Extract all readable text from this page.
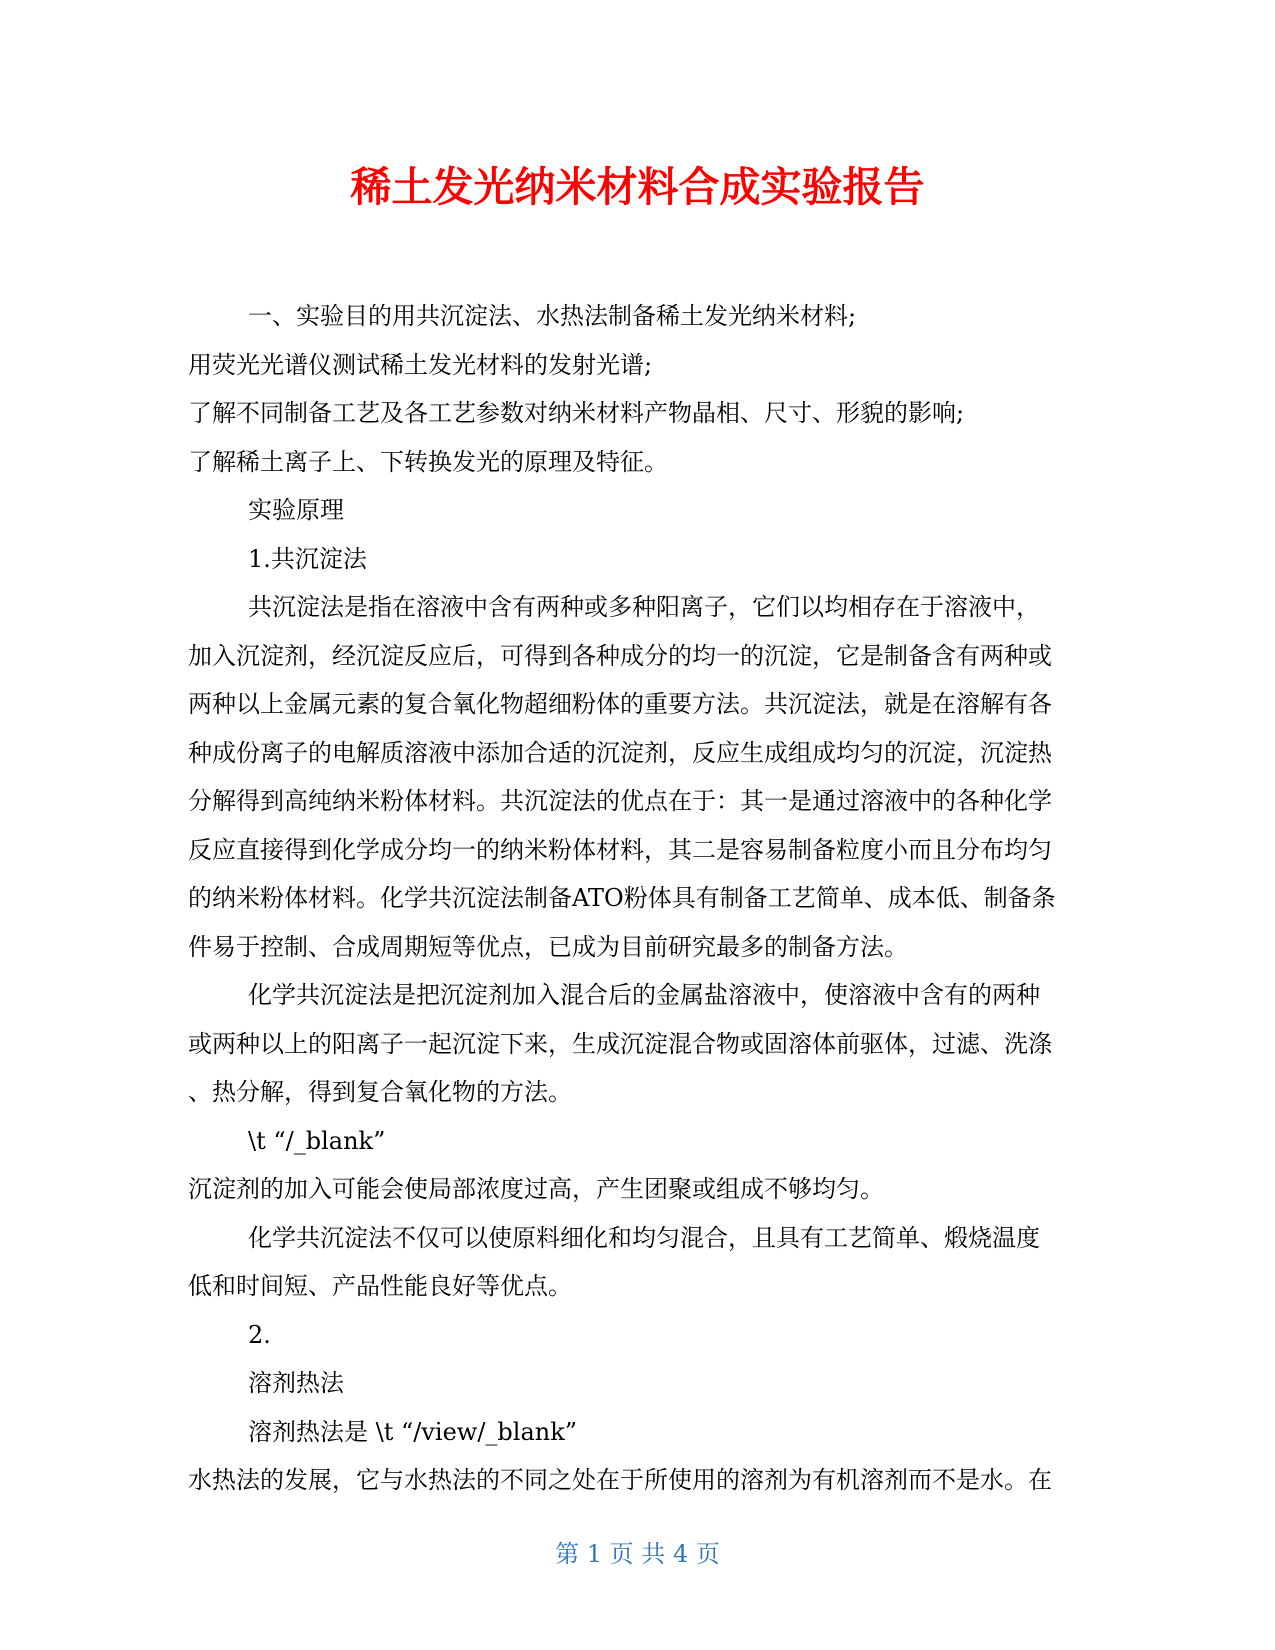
稀土发光纳米材料合成实验报告

一、实验目的用共沉淀法、水热法制备稀土发光纳米材料;

用荧光光谱仪测试稀土发光材料的发射光谱;

了解不同制备工艺及各工艺参数对纳米材料产物晶相、尺寸、形貌的影响;

了解稀土离子上、下转换发光的原理及特征。

实验原理

1.共沉淀法

共沉淀法是指在溶液中含有两种或多种阳离子，它们以均相存在于溶液中，

加入沉淀剂，经沉淀反应后，可得到各种成分的均一的沉淀，它是制备含有两种或

两种以上金属元素的复合氧化物超细粉体的重要方法。共沉淀法，就是在溶解有各

种成份离子的电解质溶液中添加合适的沉淀剂，反应生成组成均匀的沉淀，沉淀热

分解得到高纯纳米粉体材料。共沉淀法的优点在于：其一是通过溶液中的各种化学

反应直接得到化学成分均一的纳米粉体材料，其二是容易制备粒度小而且分布均匀

的纳米粉体材料。化学共沉淀法制备ATO粉体具有制备工艺简单、成本低、制备条

件易于控制、合成周期短等优点，已成为目前研究最多的制备方法。

化学共沉淀法是把沉淀剂加入混合后的金属盐溶液中，使溶液中含有的两种

或两种以上的阳离子一起沉淀下来，生成沉淀混合物或固溶体前驱体，过滤、洗涤

、热分解，得到复合氧化物的方法。

\t “/_blank”

沉淀剂的加入可能会使局部浓度过高，产生团聚或组成不够均匀。

化学共沉淀法不仅可以使原料细化和均匀混合，且具有工艺简单、煅烧温度

低和时间短、产品性能良好等优点。

2.

溶剂热法

溶剂热法是 \t “/view/_blank”

水热法的发展，它与水热法的不同之处在于所使用的溶剂为有机溶剂而不是水。在

第 1 页 共 4 页
